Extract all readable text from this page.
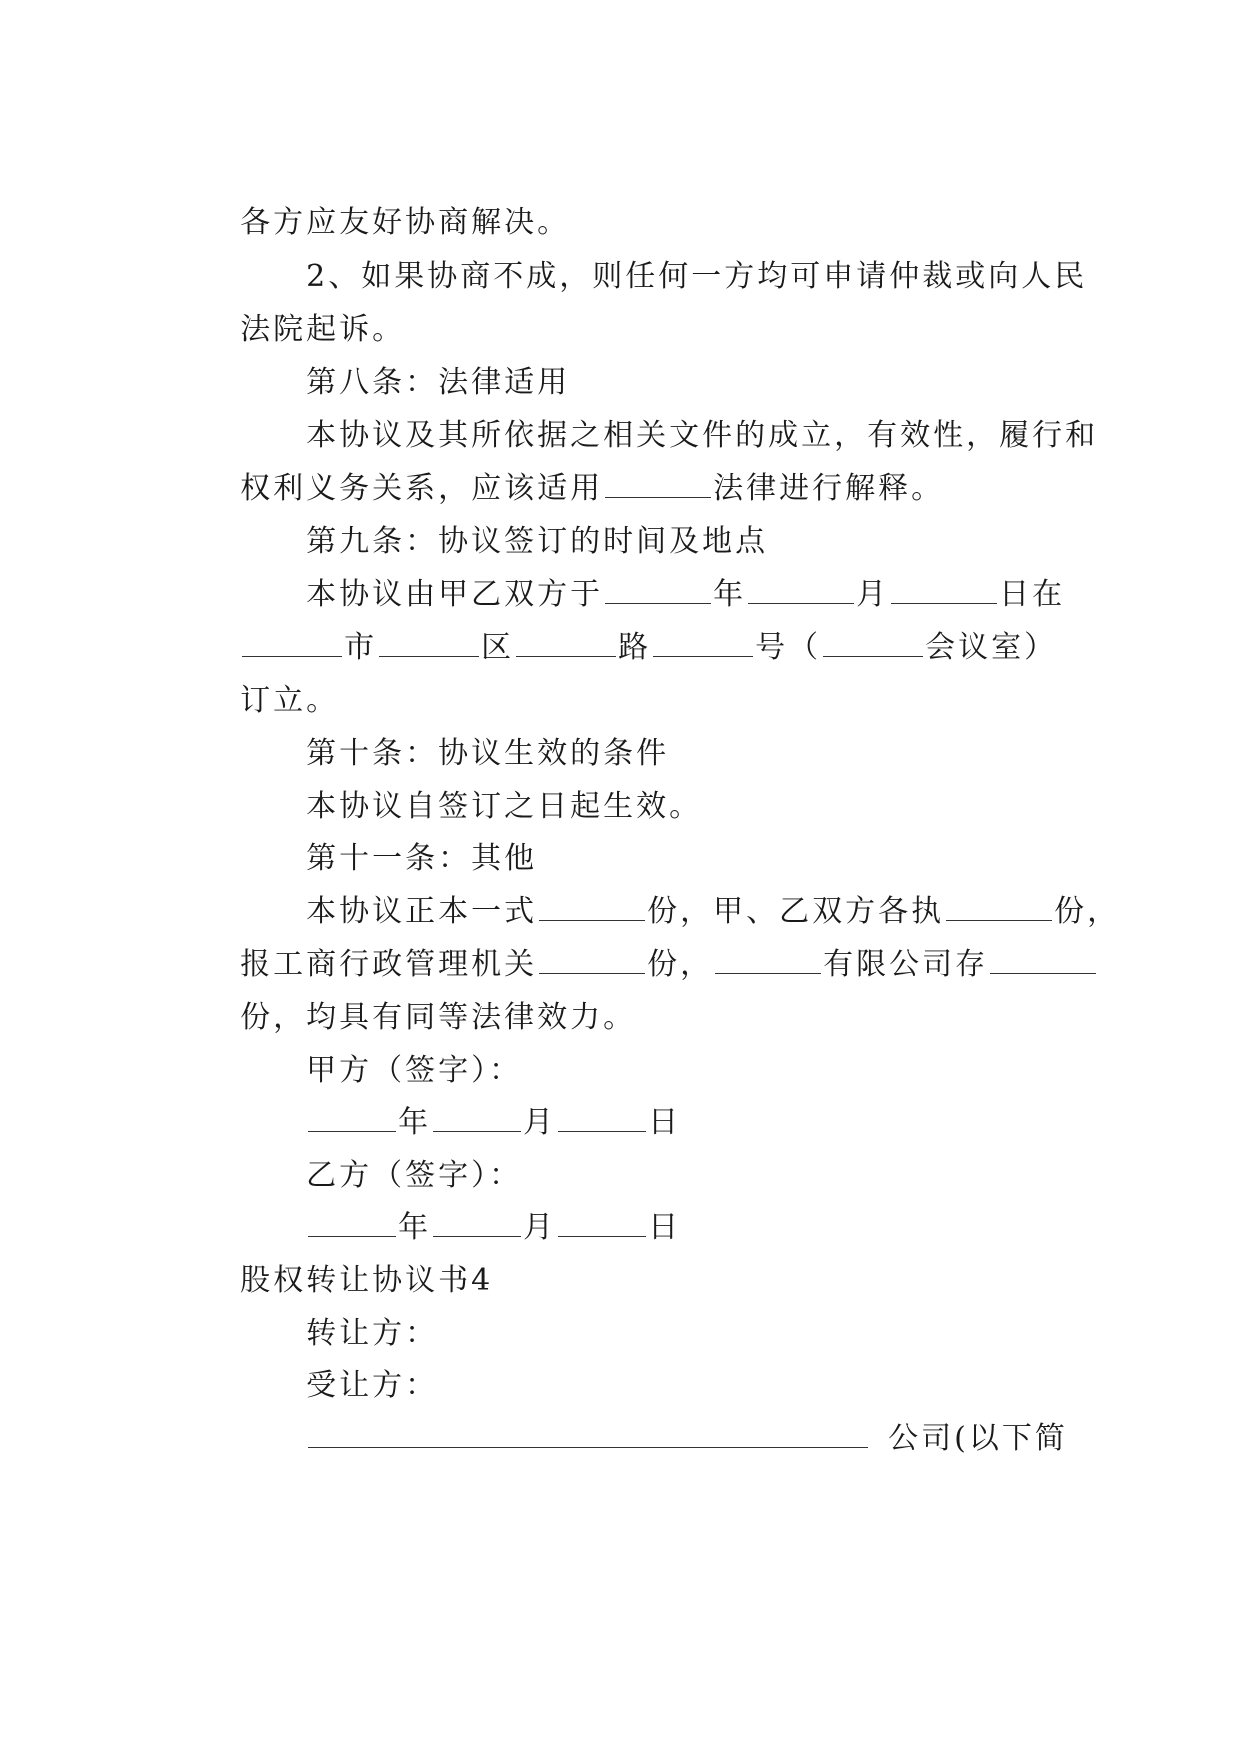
各方应友好协商解决。

2、如果协商不成，则任何一方均可申请仲裁或向人民

法院起诉。

第八条：法律适用

本协议及其所依据之相关文件的成立，有效性，履行和

权利义务关系，应该适用	法律进行解释。

第九条：协议签订的时间及地点

本协议由甲乙双方于	年	月	日在

市	区	路	号（	会议室）

订立。

第十条：协议生效的条件

本协议自签订之日起生效。

第十一条：其他

本协议正本一式	份，甲、乙双方各执	份，

报工商行政管理机关	份，	有限公司存

份，均具有同等法律效力。

甲方（签字）：

年	月	日

乙方（签字）：

年	月	日

股权转让协议书4

转让方：

受让方：

公司(以下简
